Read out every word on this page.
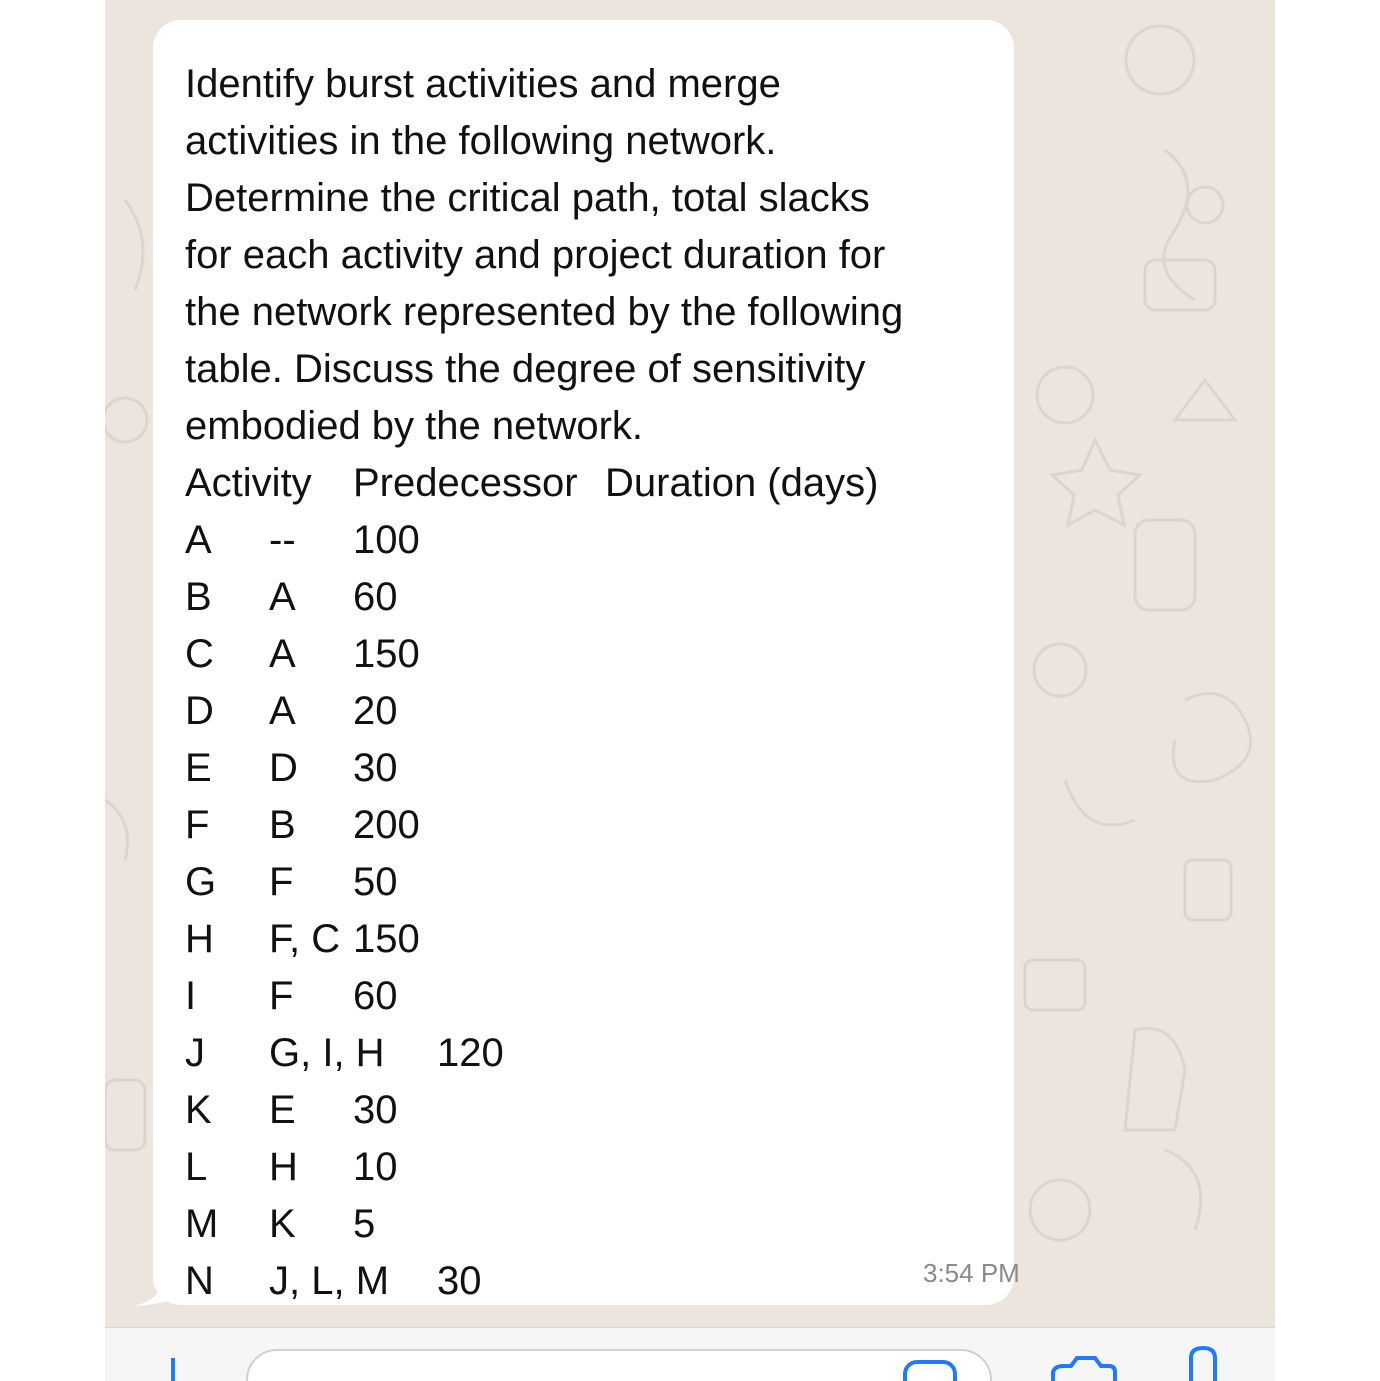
Identify burst activities and merge
activities in the following network.
Determine the critical path, total slacks
for each activity and project duration for
the network represented by the following
table. Discuss the degree of sensitivity
embodied by the network.
Activity Predecessor Duration (days)
A -- 100
B A 60
C A 150
D A 20
E D 30
F B 200
G F 50
H F, C 150
I F 60
J G, I, H 120
K E 30
L H 10
M K 5
N J, L, M 30	3:54 PM
